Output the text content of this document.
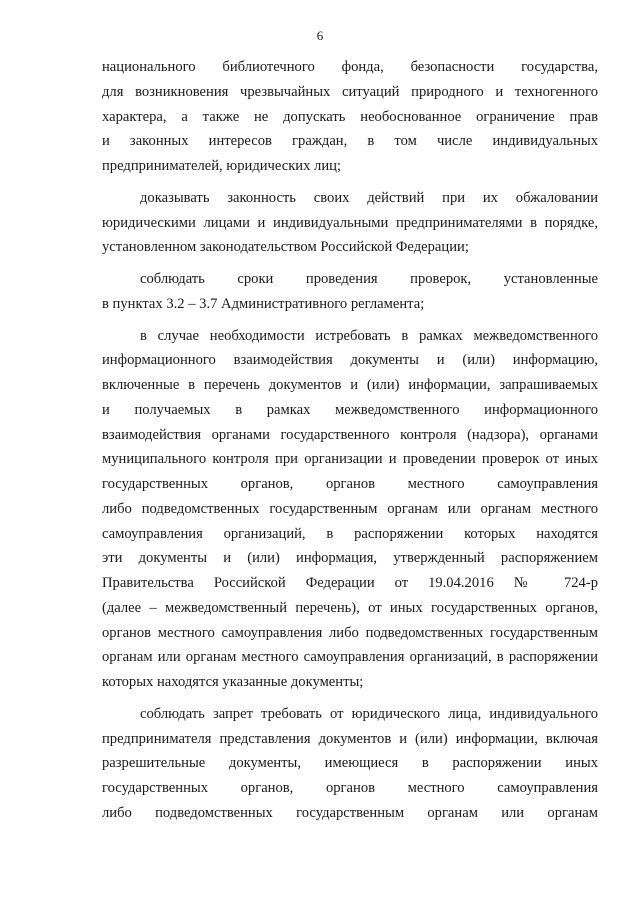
6
национального библиотечного фонда, безопасности государства,
для возникновения чрезвычайных ситуаций природного и техногенного
характера, а также не допускать необоснованное ограничение прав
и законных интересов граждан, в том числе индивидуальных
предпринимателей, юридических лиц;
доказывать законность своих действий при их обжаловании
юридическими лицами и индивидуальными предпринимателями в порядке,
установленном законодательством Российской Федерации;
соблюдать сроки проведения проверок, установленные
в пунктах 3.2 – 3.7 Административного регламента;
в случае необходимости истребовать в рамках межведомственного
информационного взаимодействия документы и (или) информацию,
включенные в перечень документов и (или) информации, запрашиваемых
и получаемых в рамках межведомственного информационного
взаимодействия органами государственного контроля (надзора), органами
муниципального контроля при организации и проведении проверок от иных
государственных органов, органов местного самоуправления
либо подведомственных государственным органам или органам местного
самоуправления организаций, в распоряжении которых находятся
эти документы и (или) информация, утвержденный распоряжением
Правительства Российской Федерации от 19.04.2016 № 724-р
(далее – межведомственный перечень), от иных государственных органов,
органов местного самоуправления либо подведомственных государственным
органам или органам местного самоуправления организаций, в распоряжении
которых находятся указанные документы;
соблюдать запрет требовать от юридического лица, индивидуального
предпринимателя представления документов и (или) информации, включая
разрешительные документы, имеющиеся в распоряжении иных
государственных органов, органов местного самоуправления
либо подведомственных государственным органам или органам
